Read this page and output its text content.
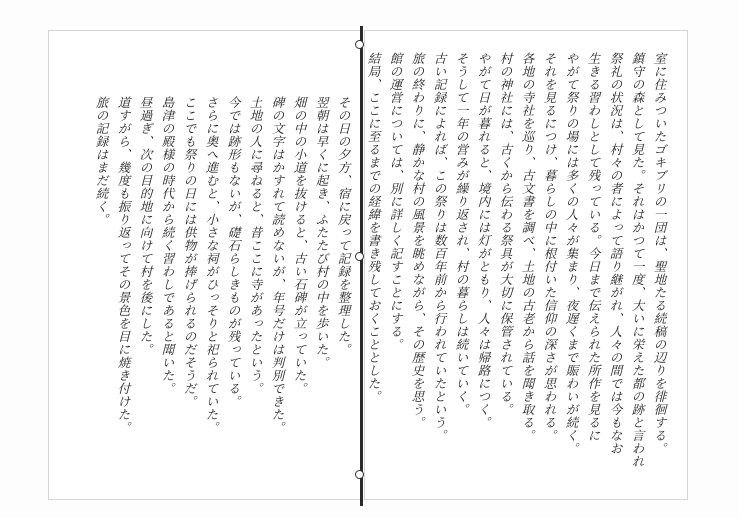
室に住みついたゴキブリの一団は、聖地たる続稿の辺りを徘徊する。
鎮守の森として見た。それはかつて一度、大いに栄えた都の跡と言われ
祭礼の状況は、村々の者によって語り継がれ、人々の間では今もなお
生きる習わしとして残っている。今日まで伝えられた所作を見るに
やがて祭りの場には多くの人々が集まり、夜遅くまで賑わいが続く。
それを見るにつけ、暮らしの中に根付いた信仰の深さが思われる。
各地の寺社を巡り、古文書を調べ、土地の古老から話を聞き取る。
村の神社には、古くから伝わる祭具が大切に保管されている。
やがて日が暮れると、境内には灯がともり、人々は帰路につく。
そうして一年の営みが繰り返され、村の暮らしは続いていく。
古い記録によれば、この祭りは数百年前から行われていたという。
旅の終わりに、静かな村の風景を眺めながら、その歴史を思う。
館の運営については、別に詳しく記すことにする。
結局、ここに至るまでの経緯を書き残しておくこととした。
その日の夕方、宿に戻って記録を整理した。
翌朝は早くに起き、ふたたび村の中を歩いた。
畑の中の小道を抜けると、古い石碑が立っていた。
碑の文字はかすれて読めないが、年号だけは判別できた。
土地の人に尋ねると、昔ここに寺があったという。
今では跡形もないが、礎石らしきものが残っている。
さらに奥へ進むと、小さな祠がひっそりと祀られていた。
ここでも祭りの日には供物が捧げられるのだそうだ。
島津の殿様の時代から続く習わしであると聞いた。
昼過ぎ、次の目的地に向けて村を後にした。
道すがら、幾度も振り返ってその景色を目に焼き付けた。
旅の記録はまだ続く。
